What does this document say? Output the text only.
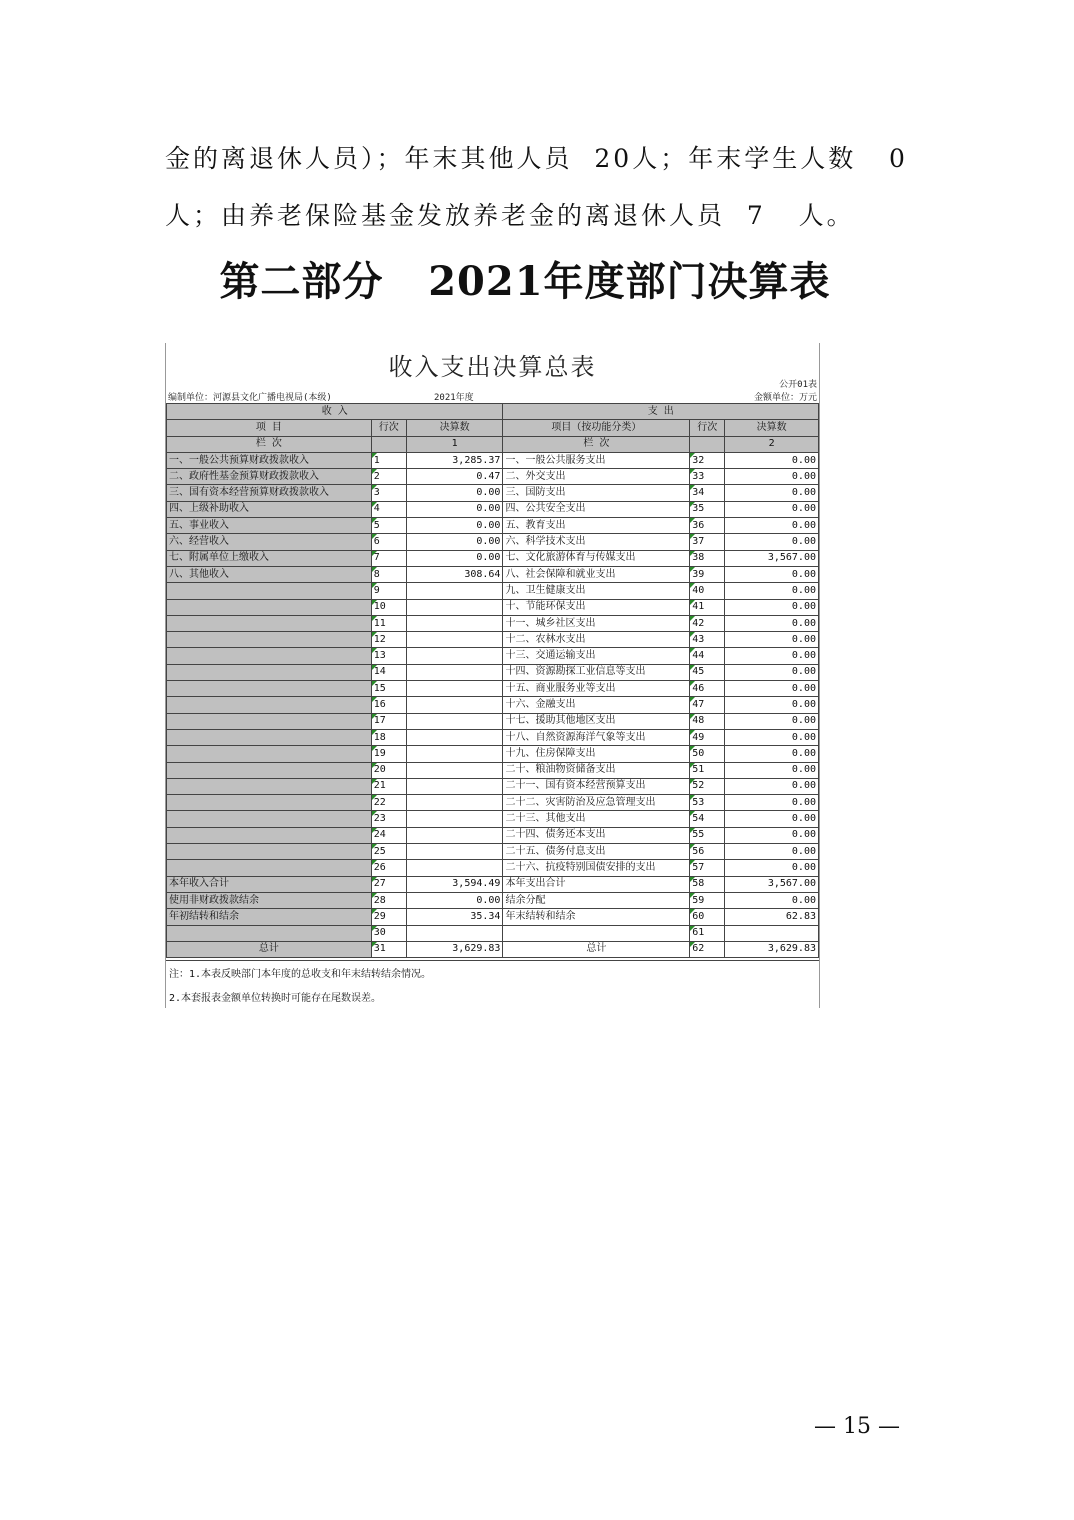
金的离退休人员）；年末其他人员  20人；年末学生人数   0
人；由养老保险基金发放养老金的离退休人员  7   人。
第二部分   2021年度部门决算表
收入支出决算总表
公开01表
编制单位：河源县文化广播电视局(本级)	2021年度	金额单位：万元
收 入			支 出		
项 目	行次	决算数	项目（按功能分类）	行次	决算数
栏 次		1	栏 次		2
一、一般公共预算财政拨款收入	1	3,285.37	一、一般公共服务支出	32	0.00
二、政府性基金预算财政拨款收入	2	0.47	二、外交支出	33	0.00
三、国有资本经营预算财政拨款收入	3	0.00	三、国防支出	34	0.00
四、上级补助收入	4	0.00	四、公共安全支出	35	0.00
五、事业收入	5	0.00	五、教育支出	36	0.00
六、经营收入	6	0.00	六、科学技术支出	37	0.00
七、附属单位上缴收入	7	0.00	七、文化旅游体育与传媒支出	38	3,567.00
八、其他收入	8	308.64	八、社会保障和就业支出	39	0.00
	9		九、卫生健康支出	40	0.00
	10		十、节能环保支出	41	0.00
	11		十一、城乡社区支出	42	0.00
	12		十二、农林水支出	43	0.00
	13		十三、交通运输支出	44	0.00
	14		十四、资源勘探工业信息等支出	45	0.00
	15		十五、商业服务业等支出	46	0.00
	16		十六、金融支出	47	0.00
	17		十七、援助其他地区支出	48	0.00
	18		十八、自然资源海洋气象等支出	49	0.00
	19		十九、住房保障支出	50	0.00
	20		二十、粮油物资储备支出	51	0.00
	21		二十一、国有资本经营预算支出	52	0.00
	22		二十二、灾害防治及应急管理支出	53	0.00
	23		二十三、其他支出	54	0.00
	24		二十四、债务还本支出	55	0.00
	25		二十五、债务付息支出	56	0.00
	26		二十六、抗疫特别国债安排的支出	57	0.00
本年收入合计	27	3,594.49	本年支出合计	58	3,567.00
使用非财政拨款结余	28	0.00	结余分配	59	0.00
年初结转和结余	29	35.34	年末结转和结余	60	62.83
	30			61	
总计	31	3,629.83	总计	62	3,629.83
注：1.本表反映部门本年度的总收支和年末结转结余情况。
2.本套报表金额单位转换时可能存在尾数误差。
— 15 —
